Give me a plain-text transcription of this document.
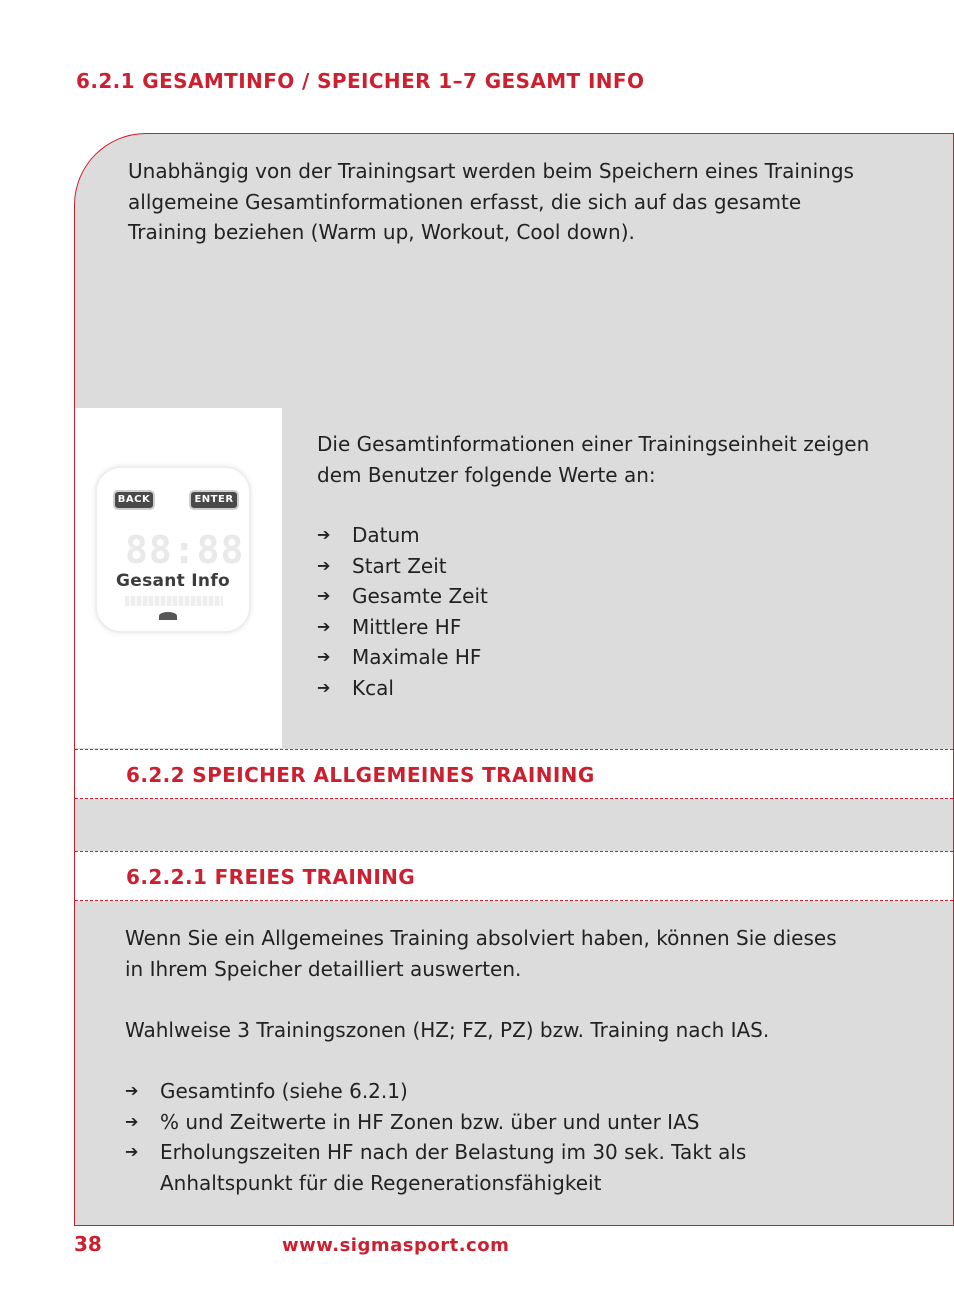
6.2.1 GESAMTINFO / SPEICHER 1–7 GESAMT INFO

Unabhängig von der Trainingsart werden beim Speichern eines Trainings allgemeine Gesamtinformationen erfasst, die sich auf das gesamte Training beziehen (Warm up, Workout, Cool down).

BACK	ENTER
88:88
Gesant Info

Die Gesamtinformationen einer Trainingseinheit zeigen dem Benutzer folgende Werte an:

➔ Datum
➔ Start Zeit
➔ Gesamte Zeit
➔ Mittlere HF
➔ Maximale HF
➔ Kcal
6.2.2 SPEICHER ALLGEMEINES TRAINING
6.2.2.1 FREIES TRAINING

Wenn Sie ein Allgemeines Training absolviert haben, können Sie dieses in Ihrem Speicher detailliert auswerten.

Wahlweise 3 Trainingszonen (HZ; FZ, PZ) bzw. Training nach IAS.

➔ Gesamtinfo (siehe 6.2.1)
➔ % und Zeitwerte in HF Zonen bzw. über und unter IAS
➔ Erholungszeiten HF nach der Belastung im 30 sek. Takt als Anhaltspunkt für die Regenerationsfähigkeit
38	www.sigmasport.com
